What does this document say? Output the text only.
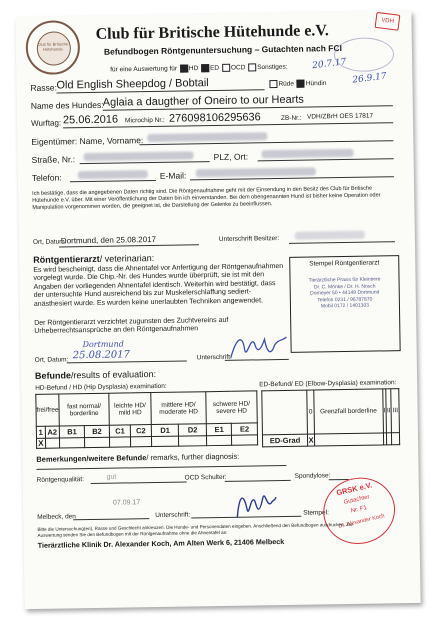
Club für Britische Hütehunde
Club für Britische Hütehunde e.V.
Befundbogen Röntgenuntersuchung – Gutachten nach FCI
VDH
für eine Auswertung für HD ED OCD Sonstiges:	20.7.17
26.9.17
Rasse: Old English Sheepdog / Bobtail	Rüde Hündin
Name des Hundes: Aglaia a daugther of Oneiro to our Hearts
Wurftag: 25.06.2016 Microchip Nr.: 276098106295636	ZB-Nr.: VDH/ZBrH OES 17817
Eigentümer: Name, Vorname:
Straße, Nr.:	PLZ, Ort:
Telefon:	E-Mail:
Ich bestätige, dass die angegebenen Daten richtig sind. Die Röntgenaufnahme geht mit der Einsendung in den Besitz des Club für Britische Hütehunde e.V. über. Mit einer Veröffentlichung der Daten bin ich einverstanden. Bei dem obengenannten Hund ist bisher keine Operation oder Manipulation vorgenommen worden, die geeignet ist, die Darstellung der Gelenke zu beeinflussen.
Ort, Datum:
Dortmund, den 25.08.2017	Unterschrift Besitzer:
Röntgentierarzt/ veterinarian:
Es wird bescheinigt, dass die Ahnentafel vor Anfertigung der Röntgenaufnahmen vorgelegt wurde. Die Chip.-Nr. des Hundes wurde überprüft, sie ist mit den Angaben der vorliegenden Ahnentafel identisch. Weiterhin wird bestätigt, dass der untersuchte Hund ausreichend bis zur Muskelerschlaffung sediert-anästhesiert wurde. Es wurden keine unerlaubten Techniken angewendet.
Der Röntgentierarzt verzichtet zugunsten des Zuchtvereins auf Urheberrechtsansprüche an den Röntgenaufnahmen
Stempel Röntgentierarzt
Tierärztliche Praxis für Kleintiere
Dr. C. Mönke / Dr. H. Nosch
Dorneyer 50 • 44149 Dortmund
Telefon 0231 / 96787870
Mobil 0172 / 1401303
Dortmund
Ort, Datum: 25.08.2017	Unterschrift:
Befunde/results of evaluation:
HD-Befund / HD (Hip Dysplasia) examination:	ED-Befund/ ED (Elbow-Dysplasia) examination:
frei/free		fast normal/ borderline		leichte HD/ mild HD		mittlere HD/ moderate HD		schwere HD/ severe HD	
1	A2	B1	B2	C1	C2	D1	D2	E1	E2
X									
	0	Grenzfall borderline	I	II	III
ED-Grad	X				
Bemerkungen/weitere Befunde/ remarks, further diagnosis:
Röntgenqualität:	gut	OCD Schulter:	Spondylose:
07.09.17
Melbeck, den	Unterschrift:	Stempel:
GRSK e.V.
Gutachter
Nr. F1
Dr. Alexander Koch
Bitte die Untersuchung(en), Rasse und Geschlecht ankreuzen. Die Hunde- und Personendaten eingeben. Anschließend den Befundbogen ausdrucken. Zur Auswertung senden Sie den Befundbogen mit der Röntgenaufnahme ohne die Ahnentafel an:
Tierärztliche Klinik Dr. Alexander Koch, Am Alten Werk 6, 21406 Melbeck
